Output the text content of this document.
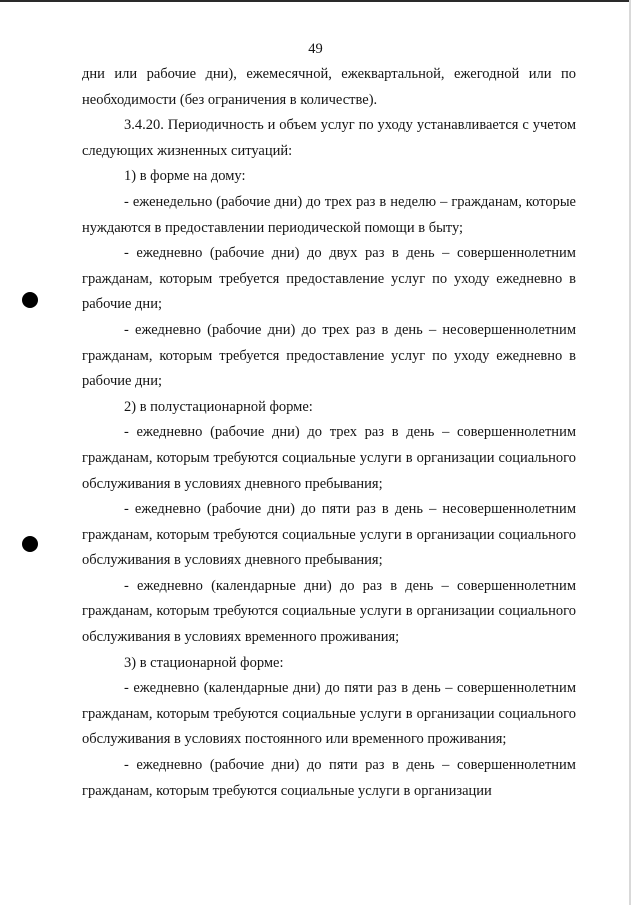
49

дни или рабочие дни), ежемесячной, ежеквартальной, ежегодной или по необходимости (без ограничения в количестве).

3.4.20. Периодичность и объем услуг по уходу устанавливается с учетом следующих жизненных ситуаций:

1) в форме на дому:

- еженедельно (рабочие дни) до трех раз в неделю – гражданам, которые нуждаются в предоставлении периодической помощи в быту;

- ежедневно (рабочие дни) до двух раз в день – совершеннолетним гражданам, которым требуется предоставление услуг по уходу ежедневно в рабочие дни;

- ежедневно (рабочие дни) до трех раз в день – несовершеннолетним гражданам, которым требуется предоставление услуг по уходу ежедневно в рабочие дни;

2) в полустационарной форме:

- ежедневно (рабочие дни) до трех раз в день – совершеннолетним гражданам, которым требуются социальные услуги в организации социального обслуживания в условиях дневного пребывания;

- ежедневно (рабочие дни) до пяти раз в день – несовершеннолетним гражданам, которым требуются социальные услуги в организации социального обслуживания в условиях дневного пребывания;

- ежедневно (календарные дни) до раз в день – совершеннолетним гражданам, которым требуются социальные услуги в организации социального обслуживания в условиях временного проживания;

3) в стационарной форме:

- ежедневно (календарные дни) до пяти раз в день – совершеннолетним гражданам, которым требуются социальные услуги в организации социального обслуживания в условиях постоянного или временного проживания;

- ежедневно (рабочие дни) до пяти раз в день – совершеннолетним гражданам, которым требуются социальные услуги в организации
